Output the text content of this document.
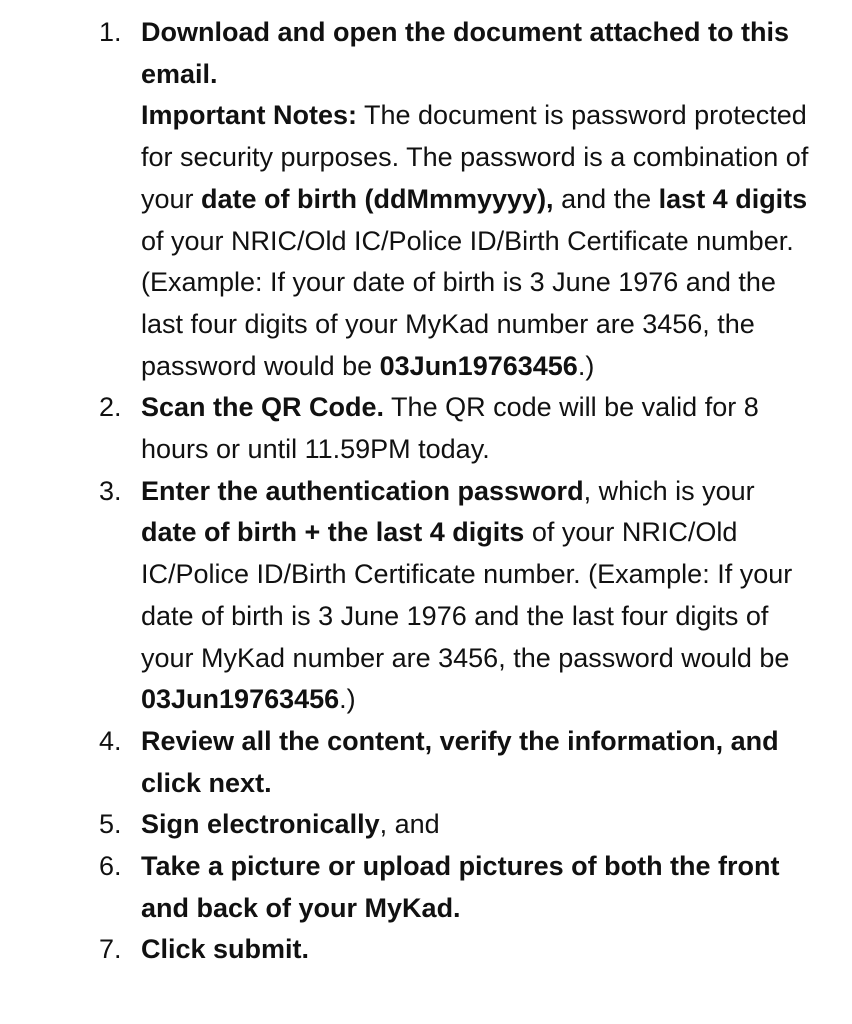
1. Download and open the document attached to this email.

Important Notes: The document is password protected for security purposes. The password is a combination of your date of birth (ddMmmyyyy), and the last 4 digits of your NRIC/Old IC/Police ID/Birth Certificate number. (Example: If your date of birth is 3 June 1976 and the last four digits of your MyKad number are 3456, the password would be 03Jun19763456.)

2. Scan the QR Code. The QR code will be valid for 8 hours or until 11.59PM today.

3. Enter the authentication password, which is your date of birth + the last 4 digits of your NRIC/Old IC/Police ID/Birth Certificate number. (Example: If your date of birth is 3 June 1976 and the last four digits of your MyKad number are 3456, the password would be 03Jun19763456.)

4. Review all the content, verify the information, and click next.

5. Sign electronically, and

6. Take a picture or upload pictures of both the front and back of your MyKad.

7. Click submit.
